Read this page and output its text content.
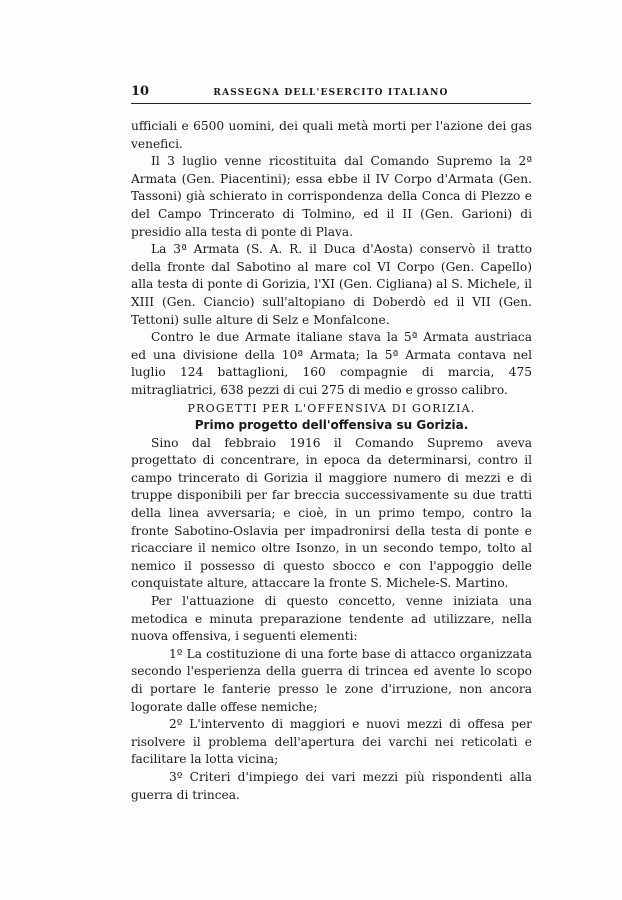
10	RASSEGNA DELL'ESERCITO ITALIANO

ufficiali e 6500 uomini, dei quali metà morti per l'azione dei gas venefici.

Il 3 luglio venne ricostituita dal Comando Supremo la 2ª Armata (Gen. Piacentini); essa ebbe il IV Corpo d'Armata (Gen. Tassoni) già schierato in corrispondenza della Conca di Plezzo e del Campo Trincerato di Tolmino, ed il II (Gen. Garioni) di presidio alla testa di ponte di Plava.

La 3ª Armata (S. A. R. il Duca d'Aosta) conservò il tratto della fronte dal Sabotino al mare col VI Corpo (Gen. Capello) alla testa di ponte di Gorizia, l'XI (Gen. Cigliana) al S. Michele, il XIII (Gen. Ciancio) sull'altopiano di Doberdò ed il VII (Gen. Tettoni) sulle alture di Selz e Monfalcone.

Contro le due Armate italiane stava la 5ª Armata austriaca ed una divisione della 10ª Armata; la 5ª Armata contava nel luglio 124 battaglioni, 160 compagnie di marcia, 475 mitragliatrici, 638 pezzi di cui 275 di medio e grosso calibro.

PROGETTI PER L'OFFENSIVA DI GORIZIA.

Primo progetto dell'offensiva su Gorizia.

Sino dal febbraio 1916 il Comando Supremo aveva progettato di concentrare, in epoca da determinarsi, contro il campo trincerato di Gorizia il maggiore numero di mezzi e di truppe disponibili per far breccia successivamente su due tratti della linea avversaria; e cioè, in un primo tempo, contro la fronte Sabotino-Oslavia per impadronirsi della testa di ponte e ricacciare il nemico oltre Isonzo, in un secondo tempo, tolto al nemico il possesso di questo sbocco e con l'appoggio delle conquistate alture, attaccare la fronte S. Michele-S. Martino.

Per l'attuazione di questo concetto, venne iniziata una metodica e minuta preparazione tendente ad utilizzare, nella nuova offensiva, i seguenti elementi:

1º La costituzione di una forte base di attacco organizzata secondo l'esperienza della guerra di trincea ed avente lo scopo di portare le fanterie presso le zone d'irruzione, non ancora logorate dalle offese nemiche;

2º L'intervento di maggiori e nuovi mezzi di offesa per risolvere il problema dell'apertura dei varchi nei reticolati e facilitare la lotta vicina;

3º Criteri d'impiego dei vari mezzi più rispondenti alla guerra di trincea.
